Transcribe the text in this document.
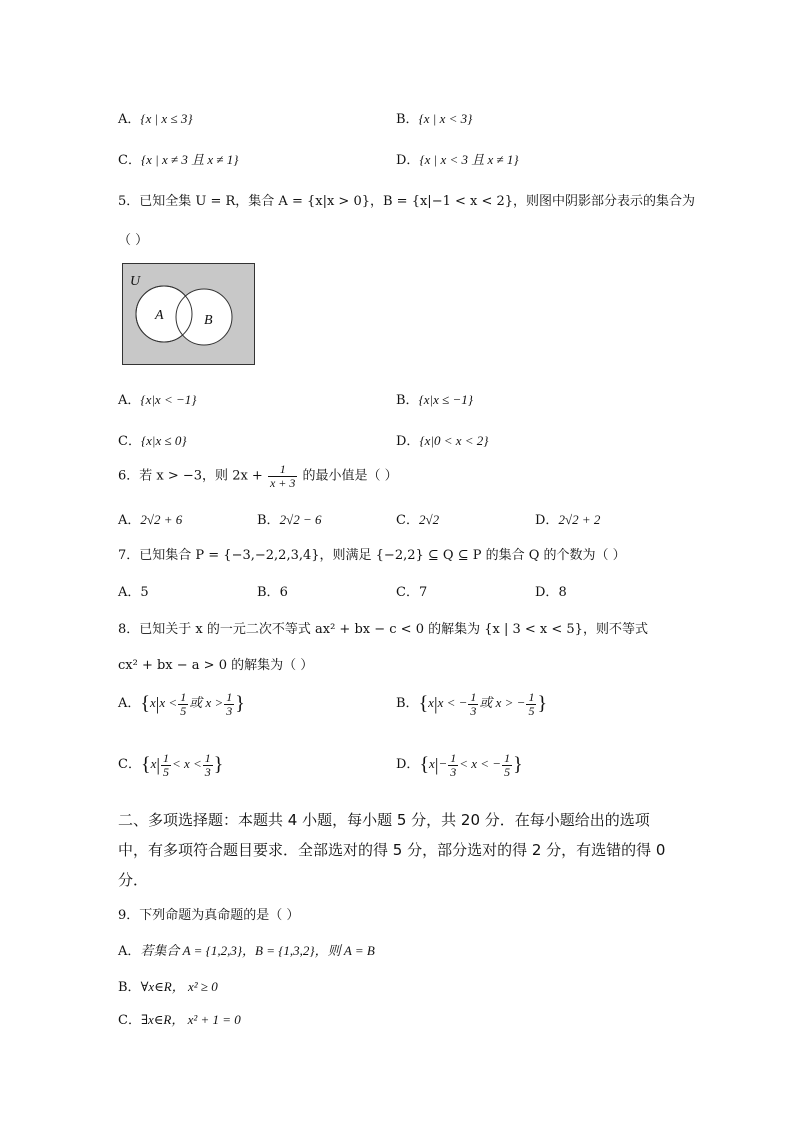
A．{x | x ≤ 3}	B．{x | x < 3}
C．{x | x ≠ 3 且 x ≠ 1}	D．{x | x < 3 且 x ≠ 1}
5．已知全集 U = R，集合 A = {x|x > 0}，B = {x|−1 < x < 2}，则图中阴影部分表示的集合为
（ ）
U
A	B
A．{x|x < −1}	B．{x|x ≤ −1}
C．{x|x ≤ 0}	D．{x|0 < x < 2}
6．若 x > −3，则 $2x + \frac{1}{x + 3}$ 的最小值是（ ）
A．2√2 + 6	B．2√2 − 6	C．2√2	D．2√2 + 2
7．已知集合 P = {−3,−2,2,3,4}，则满足 {−2,2} ⊆ Q ⊆ P 的集合 Q 的个数为（ ）
A．5	B．6	C．7	D．8
8．已知关于 x 的一元二次不等式 ax² + bx − c < 0 的解集为 {x | 3 < x < 5}，则不等式
cx² + bx − a > 0 的解集为（ ）
A．{$x|x < \frac{1}{5}$ 或 $x > \frac{1}{3}$ }	B．{x|x < − $\frac{1}{3}$ 或 x > − $\frac{1}{5}$ }
C．{$x| \frac{1}{5} < x < \frac{1}{3}$ }	D．{$x|- \frac{1}{3} < x$ < − $\frac{1}{5}$ }
二、多项选择题：本题共 4 小题，每小题 5 分，共 20 分．在每小题给出的选项中，有多项符合题目要求．全部选对的得 5 分，部分选对的得 2 分，有选错的得 0 分．
9．下列命题为真命题的是（ ）
A．若集合 A = {1,2,3}，B = {1,3,2}，则 A = B
B．∀x∈R， x² ≥ 0
C．∃x∈R， x² + 1 = 0
